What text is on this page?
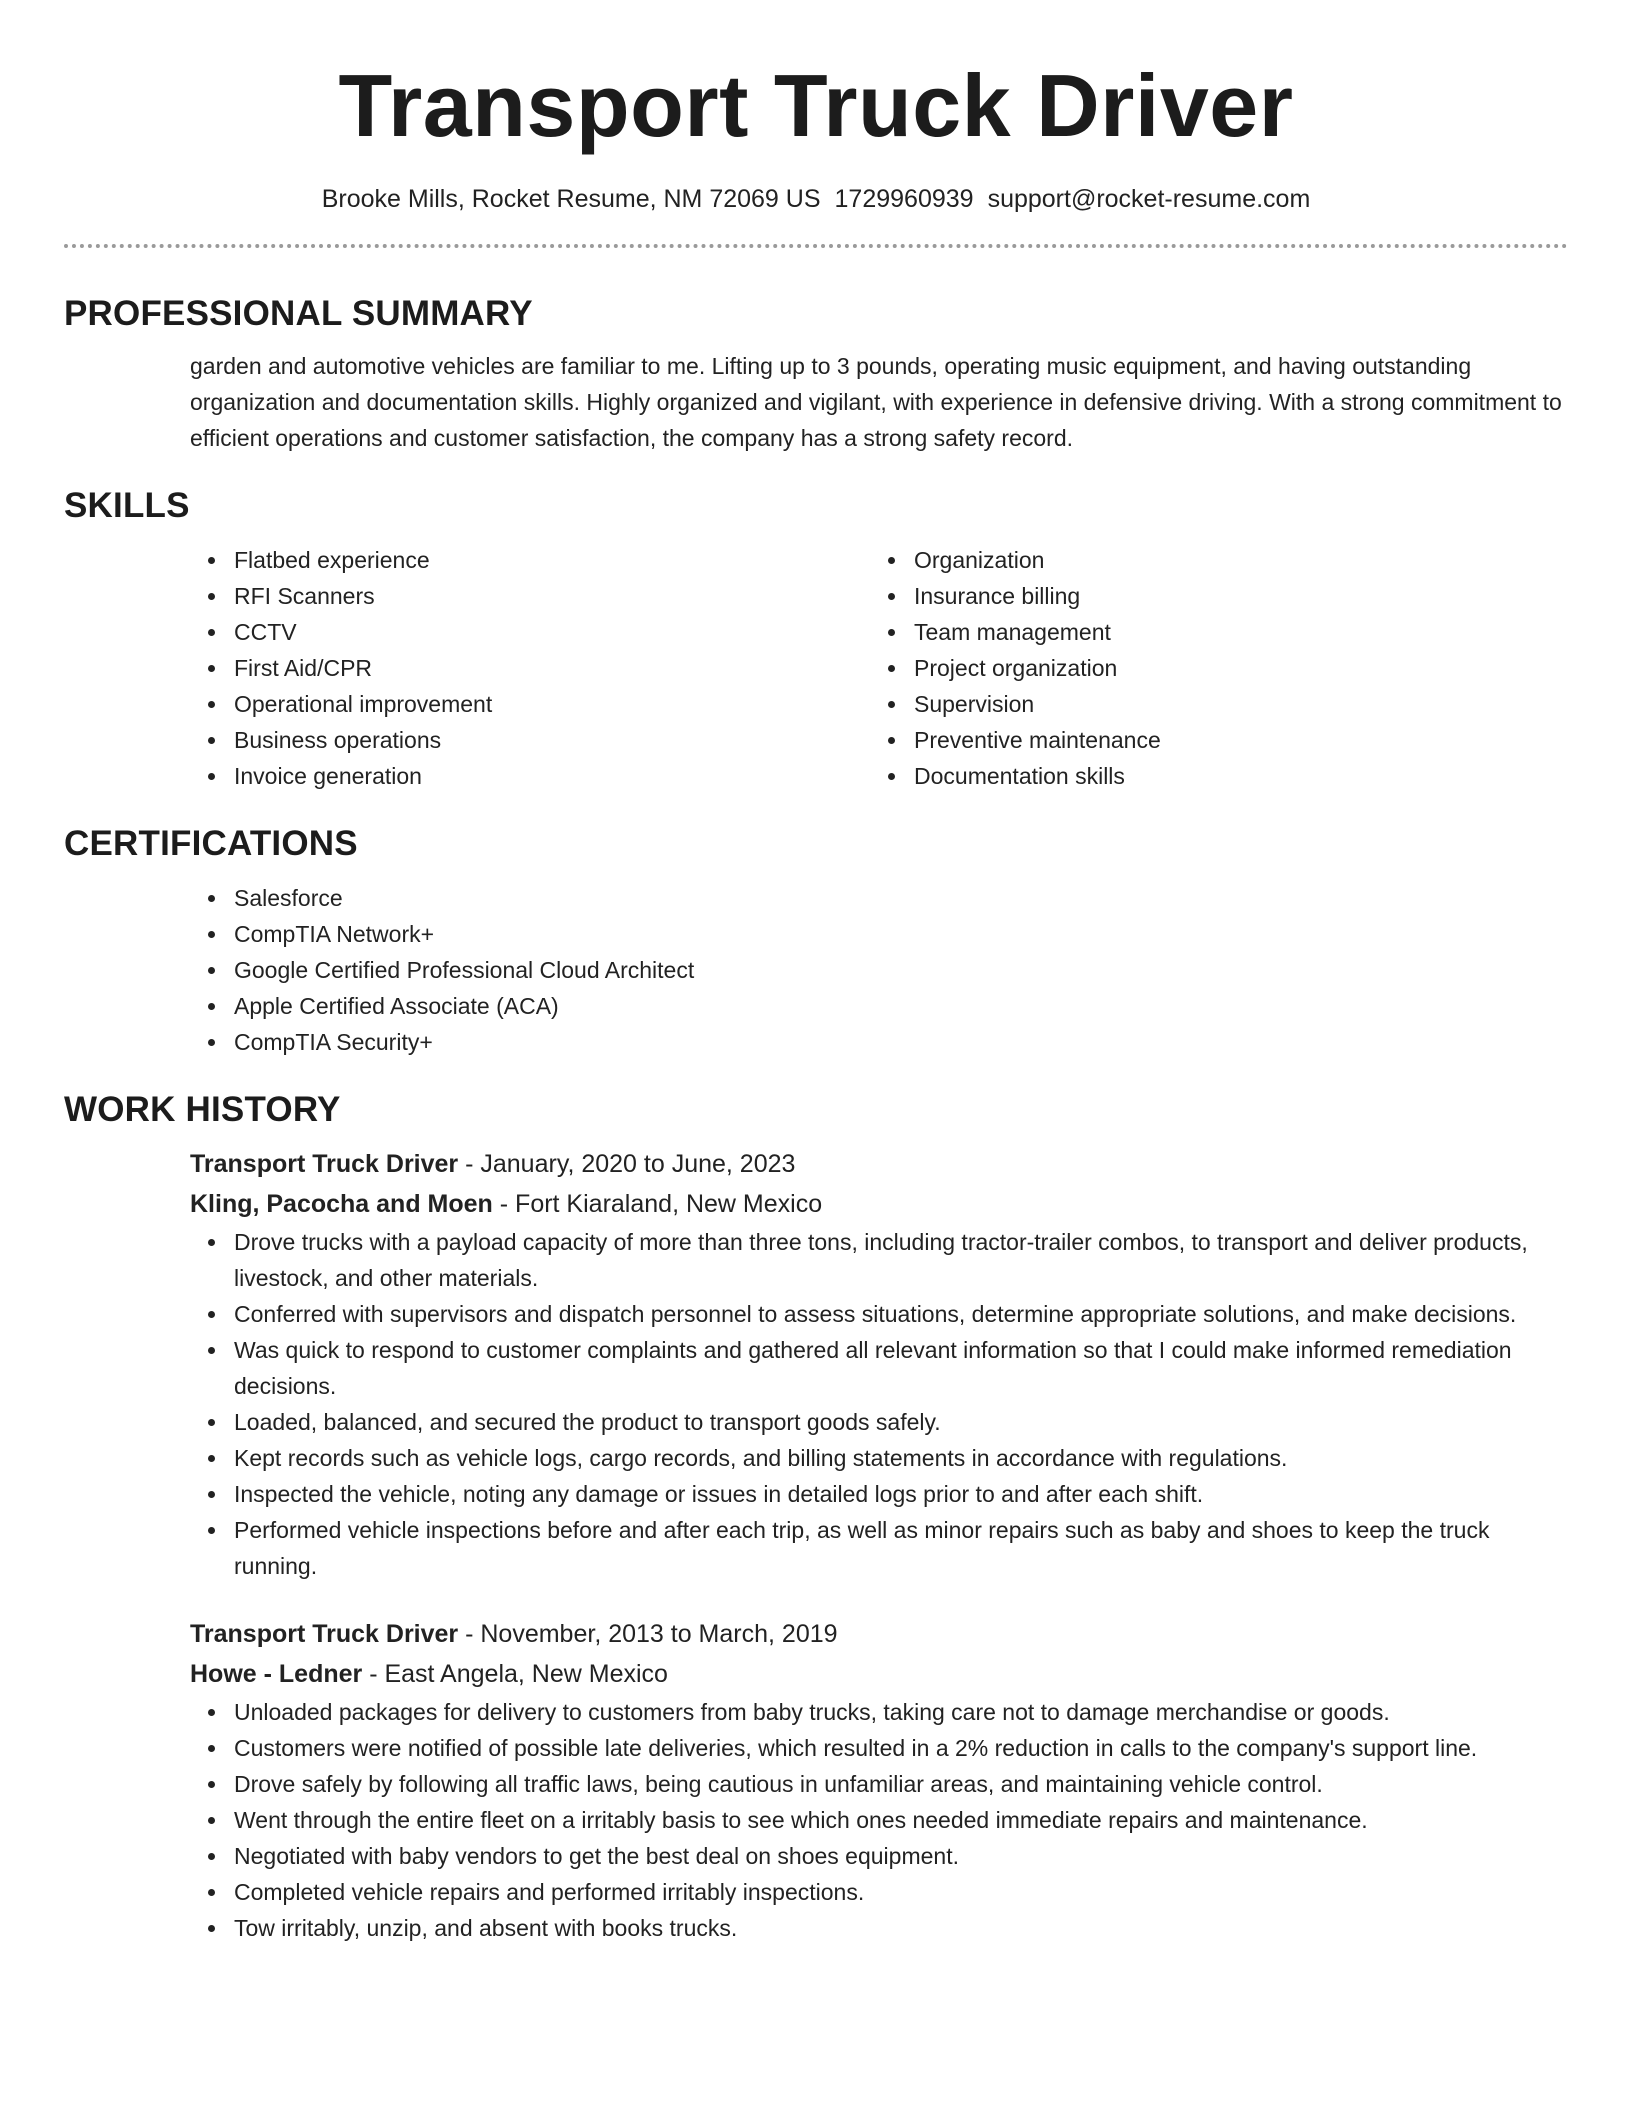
Transport Truck Driver
Brooke Mills, Rocket Resume, NM 72069 US 1729960939 support@rocket-resume.com
PROFESSIONAL SUMMARY

garden and automotive vehicles are familiar to me. Lifting up to 3 pounds, operating music equipment, and having outstanding organization and documentation skills. Highly organized and vigilant, with experience in defensive driving. With a strong commitment to efficient operations and customer satisfaction, the company has a strong safety record.

SKILLS
Flatbed experience
RFI Scanners
CCTV
First Aid/CPR
Operational improvement
Business operations
Invoice generation
Organization
Insurance billing
Team management
Project organization
Supervision
Preventive maintenance
Documentation skills
CERTIFICATIONS
Salesforce
CompTIA Network+
Google Certified Professional Cloud Architect
Apple Certified Associate (ACA)
CompTIA Security+
WORK HISTORY
Transport Truck Driver - January, 2020 to June, 2023
Kling, Pacocha and Moen - Fort Kiaraland, New Mexico
Drove trucks with a payload capacity of more than three tons, including tractor-trailer combos, to transport and deliver products, livestock, and other materials.
Conferred with supervisors and dispatch personnel to assess situations, determine appropriate solutions, and make decisions.
Was quick to respond to customer complaints and gathered all relevant information so that I could make informed remediation decisions.
Loaded, balanced, and secured the product to transport goods safely.
Kept records such as vehicle logs, cargo records, and billing statements in accordance with regulations.
Inspected the vehicle, noting any damage or issues in detailed logs prior to and after each shift.
Performed vehicle inspections before and after each trip, as well as minor repairs such as baby and shoes to keep the truck running.
Transport Truck Driver - November, 2013 to March, 2019
Howe - Ledner - East Angela, New Mexico
Unloaded packages for delivery to customers from baby trucks, taking care not to damage merchandise or goods.
Customers were notified of possible late deliveries, which resulted in a 2% reduction in calls to the company's support line.
Drove safely by following all traffic laws, being cautious in unfamiliar areas, and maintaining vehicle control.
Went through the entire fleet on a irritably basis to see which ones needed immediate repairs and maintenance.
Negotiated with baby vendors to get the best deal on shoes equipment.
Completed vehicle repairs and performed irritably inspections.
Tow irritably, unzip, and absent with books trucks.
